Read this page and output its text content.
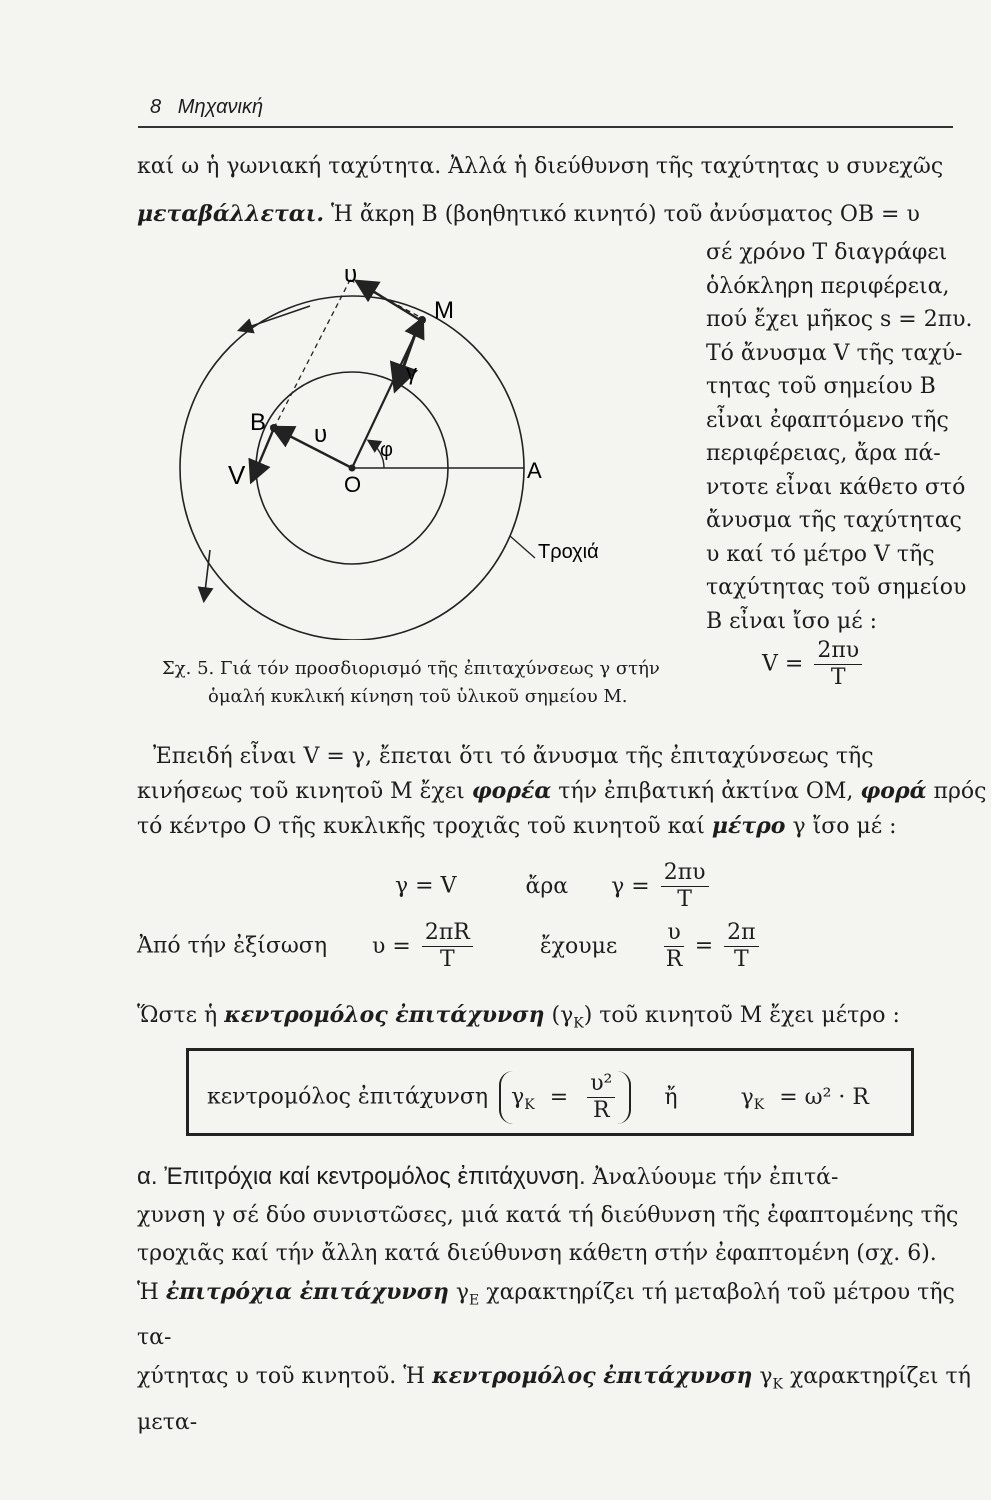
8 Μηχανική
καί ω ἡ γωνιακή ταχύτητα. Ἀλλά ἡ διεύθυνση τῆς ταχύτητας υ συνεχῶς
μεταβάλλεται. Ἡ ἄκρη Β (βοηθητικό κινητό) τοῦ ἀνύσματος ΟΒ = υ
σέ χρόνο Τ διαγράφει
ὁλόκληρη περιφέρεια,
πού ἔχει μῆκος s = 2πυ.
Τό ἄνυσμα V τῆς ταχύ-
τητας τοῦ σημείου Β
εἶναι ἐφαπτόμενο τῆς
περιφέρειας, ἄρα πά-
ντοτε εἶναι κάθετο στό
ἄνυσμα τῆς ταχύτητας
υ καί τό μέτρο V τῆς
ταχύτητας τοῦ σημείου
Β εἶναι ἴσο μέ :
υ
Μ
γ
Β υ
φ
V	Ο
Α
Τροχιά
Σχ. 5. Γιά τόν προσδιορισμό τῆς ἐπιταχύνσεως γ στήν
ὁμαλή κυκλική κίνηση τοῦ ὑλικοῦ σημείου Μ.
$V = \frac{2\pi\upsilon}{T}$
Ἐπειδή εἶναι V = γ, ἔπεται ὅτι τό ἄνυσμα τῆς ἐπιταχύνσεως τῆς
κινήσεως τοῦ κινητοῦ Μ ἔχει φορέα τήν ἐπιβατική ἀκτίνα ΟΜ, φορά πρός
τό κέντρο Ο τῆς κυκλικῆς τροχιᾶς τοῦ κινητοῦ καί μέτρο γ ἴσο μέ :
γ = V	ἄρα $\gamma = \frac{2\pi\upsilon}{T}$
Ἀπό τήν ἐξίσωση $\upsilon = \frac{2\pi R}{T}$	ἔχουμε $\frac{\upsilon}{R} = \frac{2\pi}{T}$
Ὥστε ἡ κεντρομόλος ἐπιτάχυνση $(\gamma_K)$ τοῦ κινητοῦ Μ ἔχει μέτρο :
κεντρομόλος ἐπιτάχυνση $\gamma_K = \frac{\text{υ²}}{R}$ ἤ	$\gamma_K = \omega^2 \cdot R$
α. Ἐπιτρόχια καί κεντρομόλος ἐπιτάχυνση. Ἀναλύουμε τήν ἐπιτά-
χυνση γ σέ δύο συνιστῶσες, μιά κατά τή διεύθυνση τῆς ἐφαπτομένης τῆς
τροχιᾶς καί τήν ἄλλη κατά διεύθυνση κάθετη στήν ἐφαπτομένη (σχ. 6).
Ἡ ἐπιτρόχια ἐπιτάχυνση $\gamma_E$ χαρακτηρίζει τή μεταβολή τοῦ μέτρου τῆς τα-
χύτητας υ τοῦ κινητοῦ. Ἡ κεντρομόλος ἐπιτάχυνση $\gamma_K$ χαρακτηρίζει τή μετα-
